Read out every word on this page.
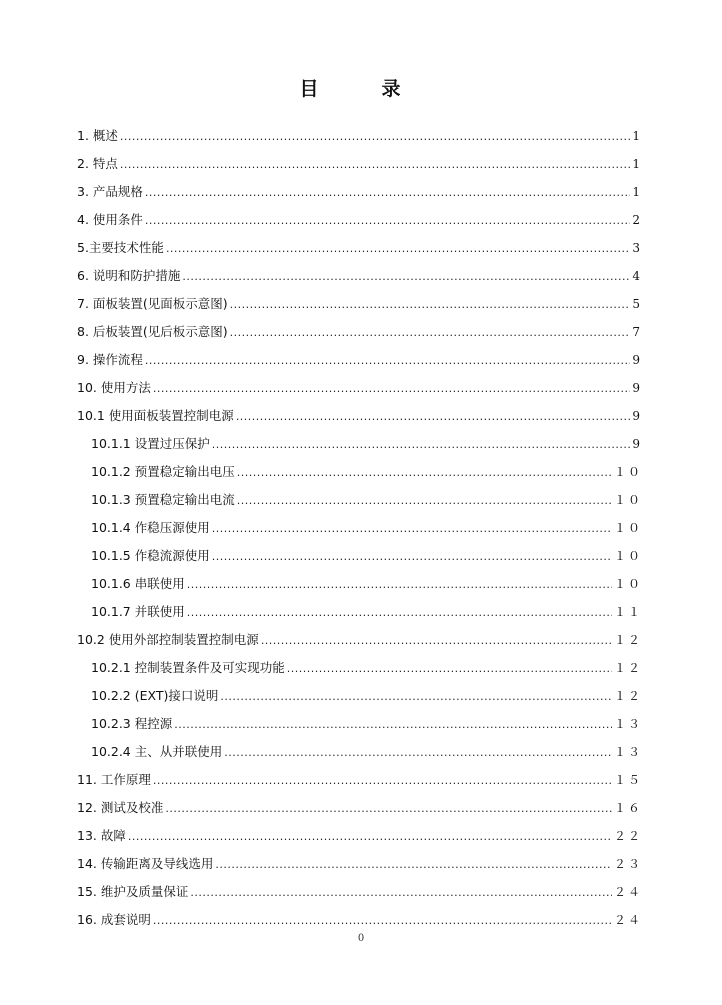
目　录
1. 概述 .....	1
2. 特点 .....	1
3. 产品规格 .....	1
4. 使用条件 .....	2
5.主要技术性能 .....	3
6. 说明和防护措施 .....	4
7. 面板装置(见面板示意图) .....	5
8. 后板装置(见后板示意图) .....	7
9. 操作流程 .....	9
10. 使用方法 .....	9
10.1 使用面板装置控制电源 .....	9
10.1.1 设置过压保护 .....	9
10.1.2 预置稳定输出电压 .....	１０
10.1.3 预置稳定输出电流 .....	１０
10.1.4 作稳压源使用 .....	１０
10.1.5 作稳流源使用 .....	１０
10.1.6 串联使用 .....	１０
10.1.7 并联使用 .....	１１
10.2 使用外部控制装置控制电源 .....	１２
10.2.1 控制装置条件及可实现功能 .....	１２
10.2.2 (EXT)接口说明 .....	１２
10.2.3 程控源 .....	１３
10.2.4 主、从并联使用 .....	１３
11. 工作原理 .....	１５
12. 测试及校准 .....	１６
13. 故障 .....	２２
14. 传输距离及导线选用 .....	２３
15. 维护及质量保证 .....	２４
16. 成套说明 .....	２４
0
